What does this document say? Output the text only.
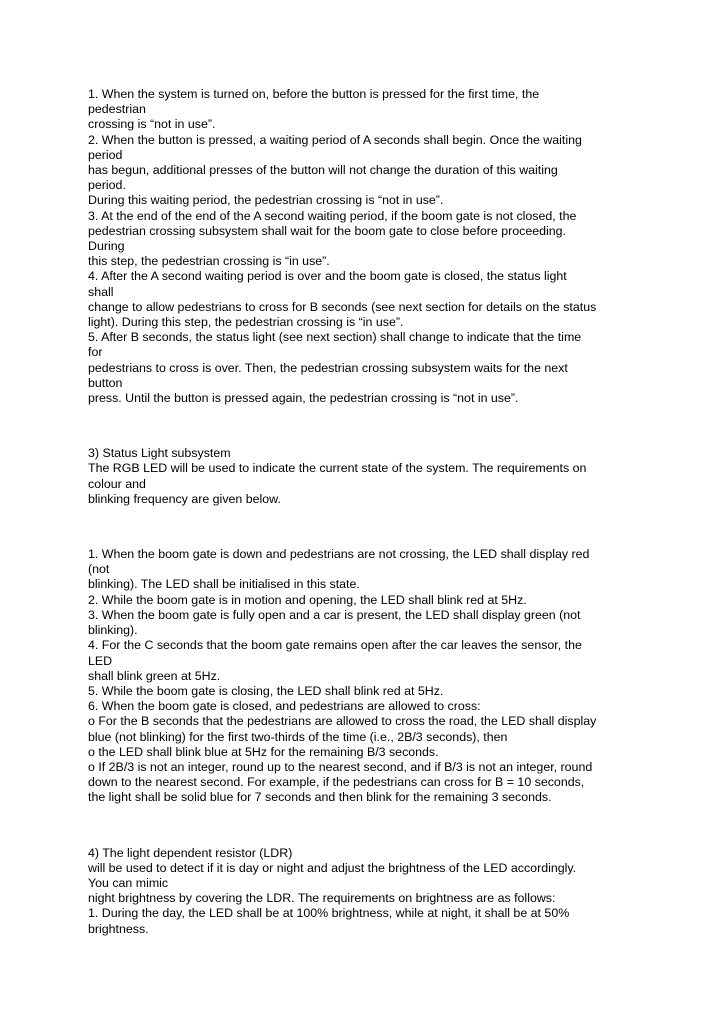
1. When the system is turned on, before the button is pressed for the first time, the
pedestrian
crossing is “not in use”.
2. When the button is pressed, a waiting period of A seconds shall begin. Once the waiting
period
has begun, additional presses of the button will not change the duration of this waiting
period.
During this waiting period, the pedestrian crossing is “not in use”.
3. At the end of the end of the A second waiting period, if the boom gate is not closed, the
pedestrian crossing subsystem shall wait for the boom gate to close before proceeding.
During
this step, the pedestrian crossing is “in use”.
4. After the A second waiting period is over and the boom gate is closed, the status light
shall
change to allow pedestrians to cross for B seconds (see next section for details on the status
light). During this step, the pedestrian crossing is “in use”.
5. After B seconds, the status light (see next section) shall change to indicate that the time
for
pedestrians to cross is over. Then, the pedestrian crossing subsystem waits for the next
button
press. Until the button is pressed again, the pedestrian crossing is “not in use”.
3) Status Light subsystem
The RGB LED will be used to indicate the current state of the system. The requirements on
colour and
blinking frequency are given below.
1. When the boom gate is down and pedestrians are not crossing, the LED shall display red
(not
blinking). The LED shall be initialised in this state.
2. While the boom gate is in motion and opening, the LED shall blink red at 5Hz.
3. When the boom gate is fully open and a car is present, the LED shall display green (not
blinking).
4. For the C seconds that the boom gate remains open after the car leaves the sensor, the
LED
shall blink green at 5Hz.
5. While the boom gate is closing, the LED shall blink red at 5Hz.
6. When the boom gate is closed, and pedestrians are allowed to cross:
o For the B seconds that the pedestrians are allowed to cross the road, the LED shall display
blue (not blinking) for the first two-thirds of the time (i.e., 2B/3 seconds), then
o the LED shall blink blue at 5Hz for the remaining B/3 seconds.
o If 2B/3 is not an integer, round up to the nearest second, and if B/3 is not an integer, round
down to the nearest second. For example, if the pedestrians can cross for B = 10 seconds,
the light shall be solid blue for 7 seconds and then blink for the remaining 3 seconds.
4) The light dependent resistor (LDR)
will be used to detect if it is day or night and adjust the brightness of the LED accordingly.
You can mimic
night brightness by covering the LDR. The requirements on brightness are as follows:
1. During the day, the LED shall be at 100% brightness, while at night, it shall be at 50%
brightness.
